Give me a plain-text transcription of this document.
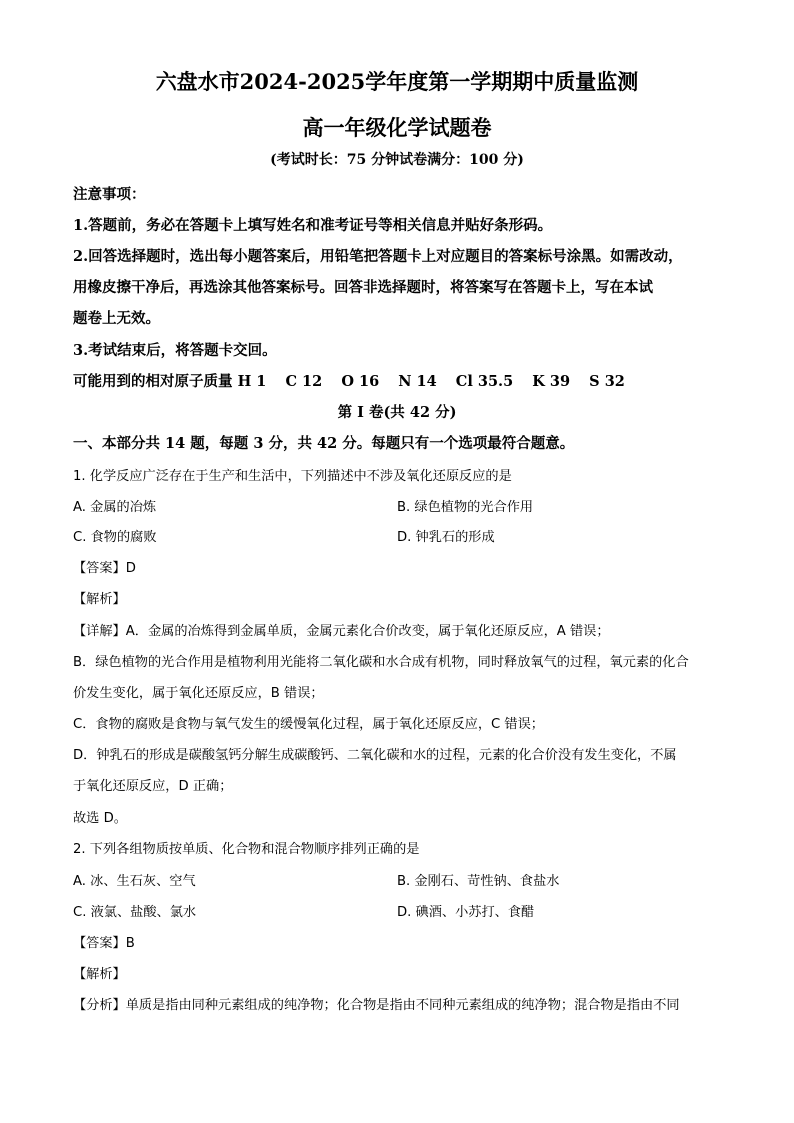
六盘水市2024-2025学年度第一学期期中质量监测
高一年级化学试题卷
(考试时长：75 分钟试卷满分：100 分)
注意事项：
1.答题前，务必在答题卡上填写姓名和准考证号等相关信息并贴好条形码。
2.回答选择题时，选出每小题答案后，用铅笔把答题卡上对应题目的答案标号涂黑。如需改动，
用橡皮擦干净后，再选涂其他答案标号。回答非选择题时，将答案写在答题卡上，写在本试
题卷上无效。
3.考试结束后，将答题卡交回。
可能用到的相对原子质量 H 1 C 12 O 16 N 14 Cl 35.5 K 39 S 32
第 I 卷(共 42 分)
一、本部分共 14 题，每题 3 分，共 42 分。每题只有一个选项最符合题意。
1. 化学反应广泛存在于生产和生活中，下列描述中不涉及氧化还原反应的是
A. 金属的冶炼	B. 绿色植物的光合作用
C. 食物的腐败	D. 钟乳石的形成
【答案】D
【解析】
【详解】A．金属的冶炼得到金属单质，金属元素化合价改变，属于氧化还原反应，A 错误；
B．绿色植物的光合作用是植物利用光能将二氧化碳和水合成有机物，同时释放氧气的过程，氧元素的化合
价发生变化，属于氧化还原反应，B 错误；
C．食物的腐败是食物与氧气发生的缓慢氧化过程，属于氧化还原反应，C 错误；
D．钟乳石的形成是碳酸氢钙分解生成碳酸钙、二氧化碳和水的过程，元素的化合价没有发生变化，不属
于氧化还原反应，D 正确；
故选 D。
2. 下列各组物质按单质、化合物和混合物顺序排列正确的是
A. 冰、生石灰、空气	B. 金刚石、苛性钠、食盐水
C. 液氯、盐酸、氯水	D. 碘酒、小苏打、食醋
【答案】B
【解析】
【分析】单质是指由同种元素组成的纯净物；化合物是指由不同种元素组成的纯净物；混合物是指由不同
